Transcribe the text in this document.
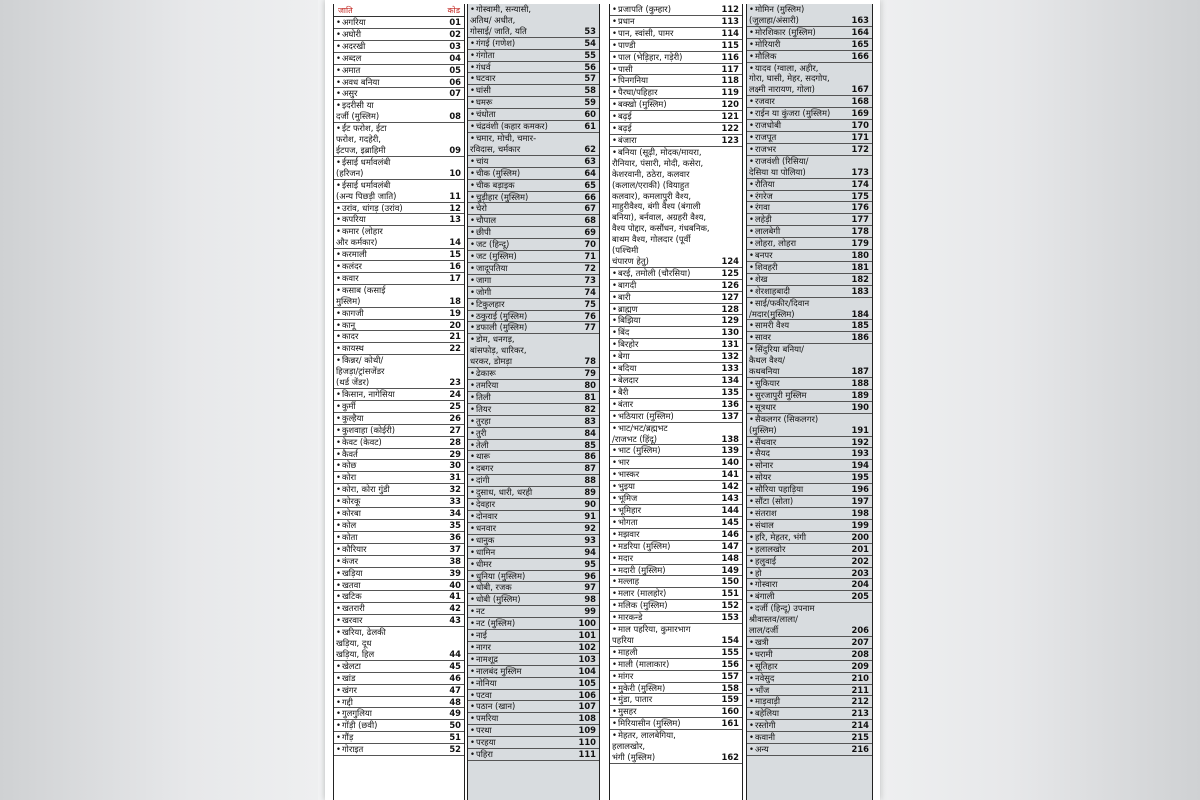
जाति	कोड
• अगरिया	01
• अघोरी	02
• अदरखी	03
• अब्दल	04
• अमात	05
• अवध बनिया	06
• असुर	07
• इदरीसी या
दर्जी (मुस्लिम)	08
• ईंट फरोश, ईटा
फरोश, गदहेरी,
ईटपज, इब्राहिमी	09
• ईसाई धर्मावलंबी
(हरिजन)	10
• ईसाई धर्मावलंबी
(अन्य पिछड़ी जाति)	11
• उरांव, धांगड़ (उरांव)	12
• कपरिया	13
• कमार (लोहार
और कर्मकार)	14
• करमाली	15
• कलंदर	16
• कवार	17
• कसाब (कसाई
मुस्लिम)	18
• कागजी	19
• कानू	20
• कादर	21
• कायस्थ	22
• किन्नर/ कोथी/
हिजड़ा/ट्रांसजेंडर
(थर्ड जेंडर)	23
• किसान, नागेसिया	24
• कुर्मी	25
• कुल्हैया	26
• कुशवाहा (कोईरी)	27
• केवट (केवट)	28
• कैवर्त	29
• कोछ	30
• कोरा	31
• कोरा, कोरा गुंडी	32
• कोरकू	33
• कोरबा	34
• कोल	35
• कोता	36
• कौरियार	37
• कंजर	38
• खड़िया	39
• खतवा	40
• खटिक	41
• खतरारी	42
• खरवार	43
• खरिया, ढेलकी
खड़िया, दूध
खड़िया, हिल	44
• खेलटा	45
• खांड	46
• खंगर	47
• गद्दी	48
• गुलगुलिया	49
• गोंड़ी (छवी)	50
• गौंड़	51
• गोराइत	52
• गोस्वामी, सन्यासी,
अतिथ/ अधीत,
गोसाई/ जाति, यति	53
• गंगई (गणेश)	54
• गंगोता	55
• गंधर्व	56
• घटवार	57
• घांसी	58
• घमरू	59
• चंधोता	60
• चंद्रवंशी (कहार कमकर)	61
• चमार, मोची, चमार-
रविदास, चर्मकार	62
• चांय	63
• चीक (मुस्लिम)	64
• चीक बड़ाइक	65
• चुड़ीहार (मुस्लिम)	66
• चेरो	67
• चौपाल	68
• छीपी	69
• जट (हिन्दू)	70
• जट (मुस्लिम)	71
• जादूपतिया	72
• जागा	73
• जोगी	74
• टिकुलहार	75
• ठकुराई (मुस्लिम)	76
• डफाली (मुस्लिम)	77
• डोम, धनगड़,
बांसफोड़, धारिकर,
धरकर, डोमड़ा	78
• ढेकारू	79
• तमरिया	80
• तिली	81
• तियर	82
• तुरहा	83
• तुरी	84
• तेली	85
• थारू	86
• दबगर	87
• दांगी	88
• दुसाध, धारी, धरही	89
• देवहार	90
• दोनवार	91
• धनवार	92
• धानुक	93
• धामिन	94
• धीमर	95
• धुनिया (मुस्लिम)	96
• धोबी, रजक	97
• धोबी (मुस्लिम)	98
• नट	99
• नट (मुस्लिम)	100
• नाई	101
• नागर	102
• नामशूद्र	103
• नालबंद मुस्लिम	104
• नोनिया	105
• पटवा	106
• पठान (खान)	107
• पमरिया	108
• परथा	109
• परहया	110
• पहिरा	111
• प्रजापति (कुम्हार)	112
• प्रधान	113
• पान, स्वांसी, पामर	114
• पाण्डी	115
• पाल (भेड़िहार, गड़ेरी)	116
• पासी	117
• पिनगनिया	118
• पैरघा/पहिहार	119
• बक्खो (मुस्लिम)	120
• बढ़ई	121
• बढ़ई	122
• बंजारा	123
• बनिया (सूढ़ी, मोदक/मायरा,
रौनियार, पंसारी, मोदी, कसेरा,
केशरवानी, ठठेरा, कलवार
(कलाल/एराकी) (वियाहुत
कलवार), कमलापुरी वैश्य,
माहुरीवैश्य, बंगी वैश्य (बंगाली
बनिया), बर्नवाल, अग्रहरी वैश्य,
वैश्य पोद्दार, कसौंधन, गंधबनिक,
बाथम वैश्य, गोलदार (पूर्वी (पश्चिमी
चंपारण हेतु)	124
• बरई, तमोली (चौरसिया)	125
• बागदी	126
• बारी	127
• ब्राह्मण	128
• बिझिया	129
• बिंद	130
• बिरहोर	131
• बेगा	132
• बदिया	133
• बेलदार	134
• बैरी	135
• बंतार	136
• भठियारा (मुस्लिम)	137
• भाट/भट/ब्रह्मभट
/राजभट (हिंदू)	138
• भाट (मुस्लिम)	139
• भार	140
• भास्कर	141
• भुइया	142
• भूमिज	143
• भूमिहार	144
• भोगता	145
• मझवार	146
• मडरिया (मुस्लिम)	147
• मदार	148
• मदारी (मुस्लिम)	149
• मल्लाह	150
• मलार (मालहोर)	151
• मलिक (मुस्लिम)	152
• मारकन्डे	153
• माल पहरिया, कुमारभाग
पहरिया	154
• माहली	155
• माली (मालाकार)	156
• मांगर	157
• मुकेरी (मुस्लिम)	158
• मुंडा, पातार	159
• मुसहर	160
• मिरियासीन (मुस्लिम)	161
• मेहतर, लालबेगिया,
हलालखोर,
भंगी (मुस्लिम)	162
• मोमिन (मुस्लिम)
(जुलाहा/अंसारी)	163
• मोरशिकार (मुस्लिम)	164
• मोरियारी	165
• मौलिक	166
• यादव (ग्वाला, अहीर,
गोरा, घासी, मेहर, सदगोप,
लक्ष्मी नारायण, गोला)	167
• रजवार	168
• राईन या कुंजरा (मुस्लिम)	169
• राजधोबी	170
• राजपूत	171
• राजभर	172
• राजवंशी (रिसिया/
देसिया या पोलिया)	173
• रौतिया	174
• रंगरेज	175
• रंगवा	176
• लहेड़ी	177
• लालबेगी	178
• लोहरा, लोहरा	179
• बनपर	180
• शिवहरी	181
• शेख	182
• शेरशाहबादी	183
• साई/फकीर/दिवान
/मदार(मुस्लिम)	184
• सामरी वैश्य	185
• सावर	186
• सिंदुरिया बनिया/
कैथल वैश्य/
कथबनिया	187
• सुकियार	188
• सुरजापुरी मुस्लिम	189
• सूत्रधार	190
• सैकलगर (सिकलगर)
(मुस्लिम)	191
• सैंथवार	192
• सैयद	193
• सोनार	194
• सोयर	195
• सौरिया पहाड़िया	196
• सौंटा (सोता)	197
• संतराश	198
• संथाल	199
• हरि, मेहतर, भंगी	200
• हलालखोर	201
• हलुवाई	202
• हो	203
• गोस्वारा	204
• बंगाली	205
• दर्जी (हिन्दू) उपनाम
श्रीवास्तव/लाला/
लाल/दर्जी	206
• खत्री	207
• घरामी	208
• सूतिहार	209
• नवेसुद	210
• भाँज	211
• माड़वाड़ी	212
• बहेलिया	213
• रस्तोगी	214
• कवानी	215
• अन्य	216
